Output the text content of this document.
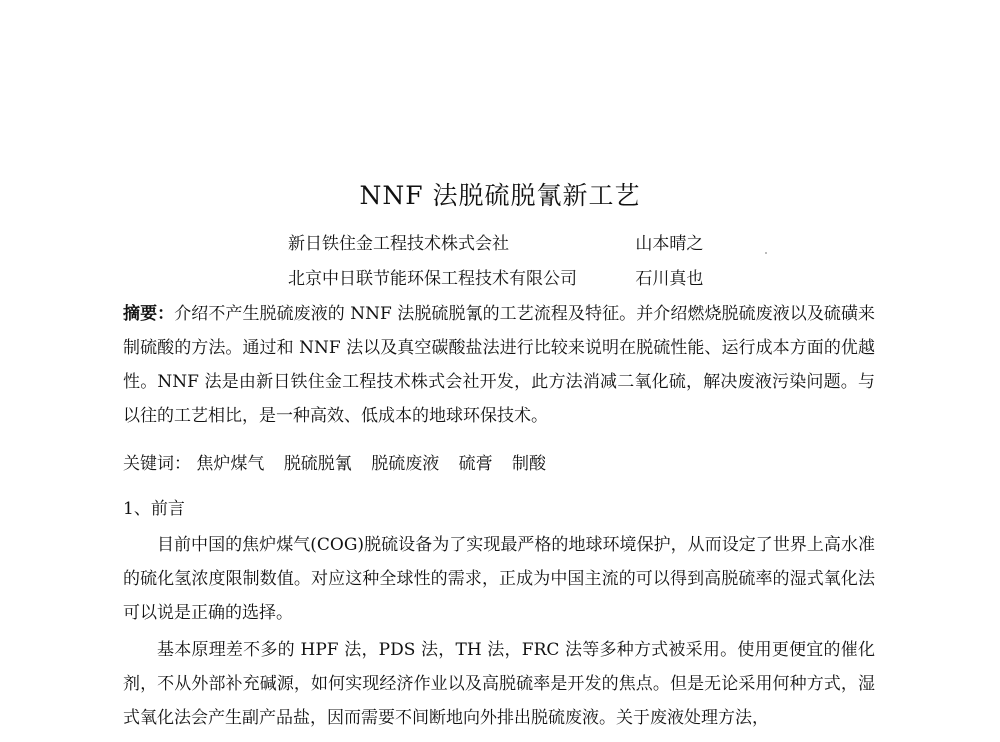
NNF 法脱硫脱氰新工艺
新日铁住金工程技术株式会社	山本晴之
北京中日联节能环保工程技术有限公司	石川真也
摘要：介绍不产生脱硫废液的 NNF 法脱硫脱氰的工艺流程及特征。并介绍燃烧脱硫废液以及硫磺来制硫酸的方法。通过和 NNF 法以及真空碳酸盐法进行比较来说明在脱硫性能、运行成本方面的优越性。NNF 法是由新日铁住金工程技术株式会社开发，此方法消减二氧化硫，解决废液污染问题。与以往的工艺相比，是一种高效、低成本的地球环保技术。
关键词： 焦炉煤气 脱硫脱氰 脱硫废液 硫膏 制酸
1、前言
目前中国的焦炉煤气(COG)脱硫设备为了实现最严格的地球环境保护，从而设定了世界上高水准的硫化氢浓度限制数值。对应这种全球性的需求，正成为中国主流的可以得到高脱硫率的湿式氧化法可以说是正确的选择。
基本原理差不多的 HPF 法，PDS 法，TH 法，FRC 法等多种方式被采用。使用更便宜的催化剂，不从外部补充碱源，如何实现经济作业以及高脱硫率是开发的焦点。但是无论采用何种方式，湿式氧化法会产生副产品盐，因而需要不间断地向外排出脱硫废液。关于废液处理方法，
